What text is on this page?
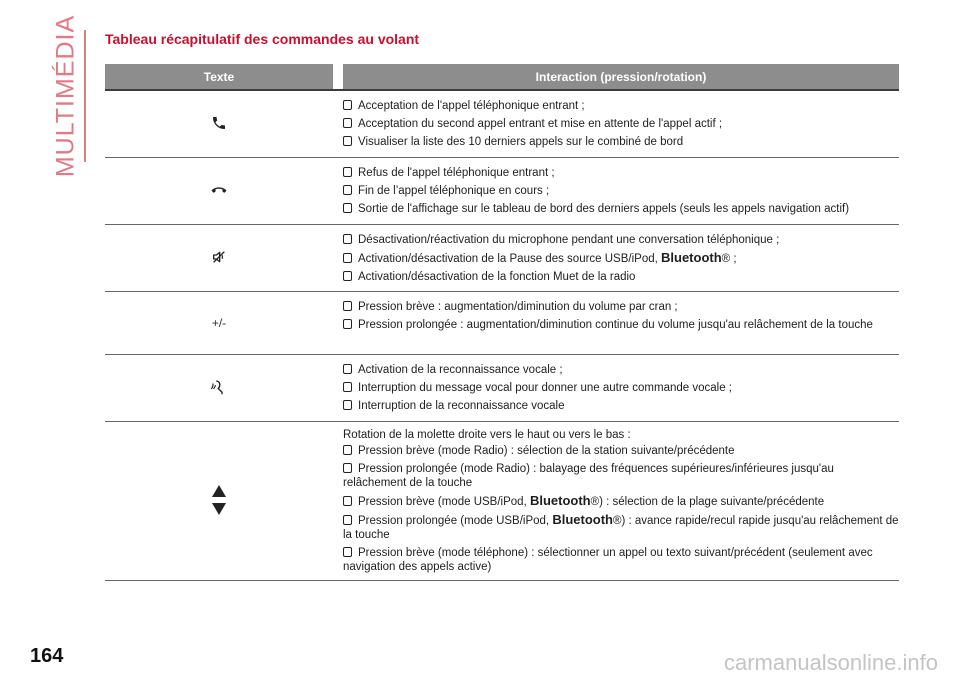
MULTIMÉDIA Tableau récapitulatif des commandes au volant
Texte	Interaction (pression/rotation)
Acceptation de l'appel téléphonique entrant ;
Acceptation du second appel entrant et mise en attente de l'appel actif ;
Visualiser la liste des 10 derniers appels sur le combiné de bord
Refus de l'appel téléphonique entrant ;
Fin de l’appel téléphonique en cours ;
Sortie de l'affichage sur le tableau de bord des derniers appels (seuls les appels navigation actif)
Désactivation/réactivation du microphone pendant une conversation téléphonique ;
Activation/désactivation de la Pause des source USB/iPod, Bluetooth® ;
Activation/désactivation de la fonction Muet de la radio
+/-
Pression brève : augmentation/diminution du volume par cran ;
Pression prolongée : augmentation/diminution continue du volume jusqu'au relâchement de la touche
Activation de la reconnaissance vocale ;
Interruption du message vocal pour donner une autre commande vocale ;
Interruption de la reconnaissance vocale
Rotation de la molette droite vers le haut ou vers le bas :
Pression brève (mode Radio) : sélection de la station suivante/précédente
Pression prolongée (mode Radio) : balayage des fréquences supérieures/inférieures jusqu'au relâchement de la touche
Pression brève (mode USB/iPod, Bluetooth®) : sélection de la plage suivante/précédente
Pression prolongée (mode USB/iPod, Bluetooth®) : avance rapide/recul rapide jusqu'au relâchement de la touche
Pression brève (mode téléphone) : sélectionner un appel ou texto suivant/précédent (seulement avec navigation des appels active)
164	carmanualsonline.info
